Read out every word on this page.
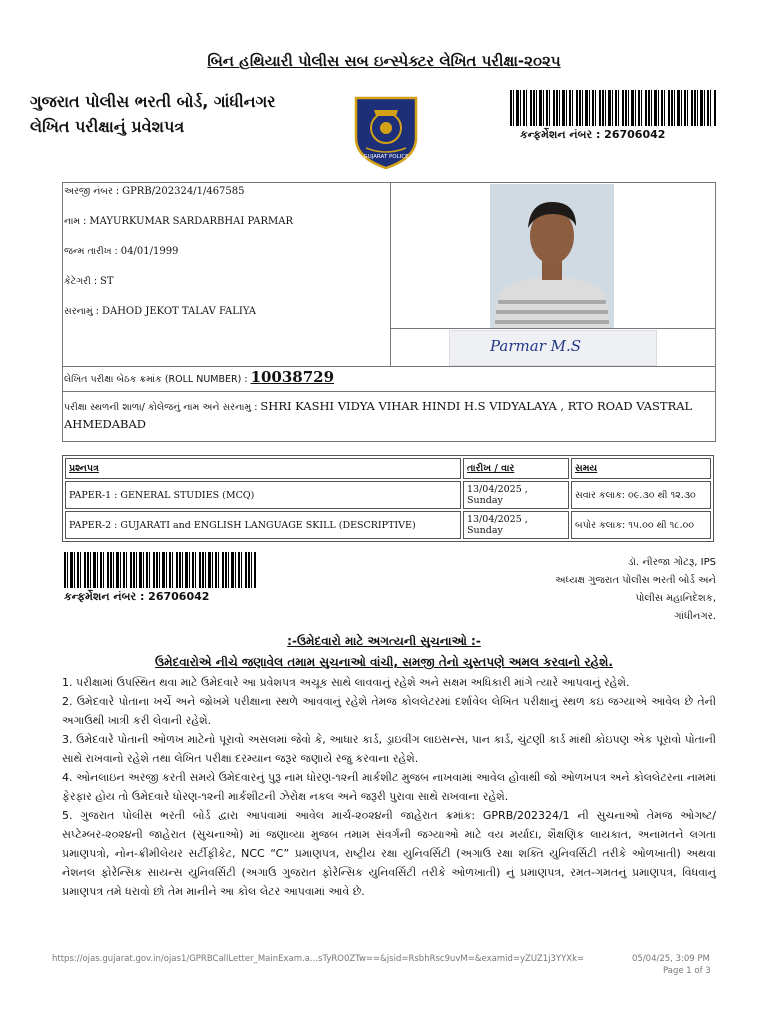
બિન હથિયારી પોલીસ સબ ઇન્સ્પેક્ટર લેખિત પરીક્ષા-૨૦૨૫
ગુજરાત પોલીસ ભરતી બોર્ડ, ગાંધીનગર
લેખિત પરીક્ષાનું પ્રવેશપત્ર
GUJARAT POLICE
કન્ફર્મેશન નંબર : 26706042
અરજી નંબર : GPRB/202324/1/467585
નામ : MAYURKUMAR SARDARBHAI PARMAR
જન્મ તારીખ : 04/01/1999
કેટેગરી : ST
સરનામું : DAHOD JEKOT TALAV FALIYA
Parmar M.S
લેખિત પરીક્ષા બેઠક ક્રમાંક (ROLL NUMBER) : 10038729
પરીક્ષા સ્થળની શાળા/ કોલેજનું નામ અને સરનામુ : SHRI KASHI VIDYA VIHAR HINDI H.S VIDYALAYA , RTO ROAD VASTRAL AHMEDABAD
પ્રશ્નપત્ર	તારીખ / વાર	સમય
PAPER-1 : GENERAL STUDIES (MCQ)	13/04/2025 , Sunday	સવાર કલાક: ૦૯.૩૦ થી ૧૨.૩૦
PAPER-2 : GUJARATI and ENGLISH LANGUAGE SKILL (DESCRIPTIVE)	13/04/2025 , Sunday	બપોર કલાક: ૧૫.૦૦ થી ૧૮.૦૦
કન્ફર્મેશન નંબર : 26706042
ડૉ. નીરજા ગોટરૂ, IPS
અધ્યક્ષ ગુજરાત પોલીસ ભરતી બોર્ડ અને
પોલીસ મહાનિદેશક,
ગાંધીનગર.
:-ઉમેદવારો માટે અગત્યની સુચનાઓ :-
ઉમેદવારોએ નીચે જણાવેલ તમામ સુચનાઓ વાંચી, સમજી તેનો ચુસ્તપણે અમલ કરવાનો રહેશે.

1. પરીક્ષામાં ઉપસ્થિત થવા માટે ઉમેદવારે આ પ્રવેશપત્ર અચૂક સાથે લાવવાનું રહેશે અને સક્ષમ અધિકારી માંગે ત્યારે આપવાનું રહેશે.

2. ઉમેદવારે પોતાના ખર્ચે અને જોખમે પરીક્ષાના સ્થળે આવવાનું રહેશે તેમજ કોલલેટરમાં દર્શાવેલ લેખિત પરીક્ષાનું સ્થળ કઇ જગ્યાએ આવેલ છે તેની અગાઉથી ખાત્રી કરી લેવાની રહેશે.

3. ઉમેદવારે પોતાની ઓળખ માટેનો પૂરાવો અસલમાં જેવો કે, આધાર કાર્ડ, ડ્રાઇવીંગ લાઇસન્સ, પાન કાર્ડ, ચુંટણી કાર્ડ માંથી કોઇપણ એક પૂરાવો પોતાની સાથે રાખવાનો રહેશે તથા લેખિત પરીક્ષા દરમ્યાન જરૂર જણાયે રજુ કરવાના રહેશે.

4. ઓનલાઇન અરજી કરતી સમયે ઉમેદવારનું પુરૂ નામ ધોરણ-૧૨ની માર્કશીટ મુજબ નાખવામાં આવેલ હોવાથી જો ઓળખપત્ર અને કોલલેટરના નામમાં ફેરફાર હોય તો ઉમેદવારે ધોરણ-૧૨ની માર્કશીટની ઝેરોક્ષ નકલ અને જરૂરી પુરાવા સાથે રાખવાના રહેશે.

5. ગુજરાત પોલીસ ભરતી બોર્ડ દ્વારા આપવામાં આવેલ માર્ચ-૨૦૨૪ની જાહેરાત ક્રમાંક: GPRB/202324/1 ની સુચનાઓ તેમજ ઓગષ્ટ/ સપ્ટેમ્બર-૨૦૨૪ની જાહેરાત (સુચનાઓ) માં જણાવ્યા મુજબ તમામ સંવર્ગની જગ્યાઓ માટે વય મર્યાદા, શૈક્ષણિક લાયકાત, અનામતને લગતા પ્રમાણપત્રો, નોન-ક્રીમીલેયર સર્ટીફીકેટ, NCC “C” પ્રમાણપત્ર, રાષ્ટ્રીય રક્ષા યુનિવર્સિટી (અગાઉ રક્ષા શક્તિ યુનિવર્સિટી તરીકે ઓળખાતી) અથવા નેશનલ ફોરેન્સિક સાયન્સ યુનિવર્સિટી (અગાઉ ગુજરાત ફોરેન્સિક યુનિવર્સિટી તરીકે ઓળખાતી) નું પ્રમાણપત્ર, રમત-ગમતનું પ્રમાણપત્ર, વિધવાનું પ્રમાણપત્ર તમે ધરાવો છો તેમ માનીને આ કોલ લેટર આપવામાં આવે છે.

https://ojas.gujarat.gov.in/ojas1/GPRBCallLetter_MainExam.a...sTyRO0ZTw==&jsid=RsbhRsc9uvM=&examid=yZUZ1j3YYXk=	05/04/25, 3:09 PM
Page 1 of 3
